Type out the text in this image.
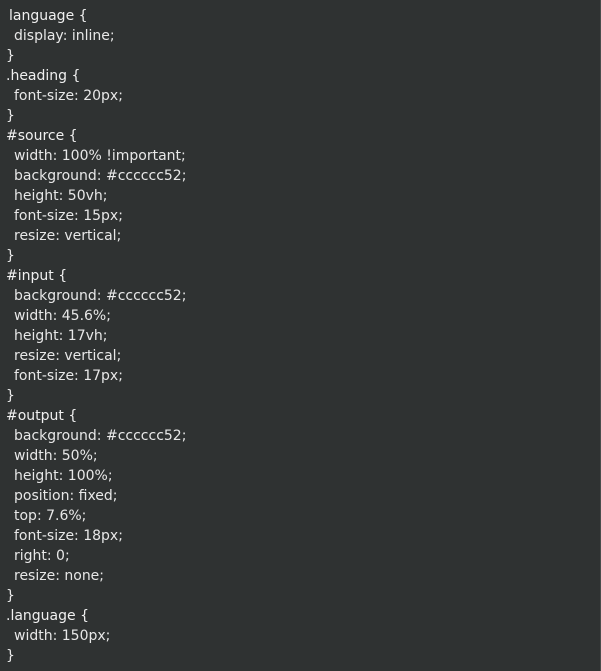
language {
display: inline;
}
.heading {
font-size: 20px;
}
#source {
width: 100% !important;
background: #cccccc52;
height: 50vh;
font-size: 15px;
resize: vertical;
}
#input {
background: #cccccc52;
width: 45.6%;
height: 17vh;
resize: vertical;
font-size: 17px;
}
#output {
background: #cccccc52;
width: 50%;
height: 100%;
position: fixed;
top: 7.6%;
font-size: 18px;
right: 0;
resize: none;
}
.language {
width: 150px;
}
